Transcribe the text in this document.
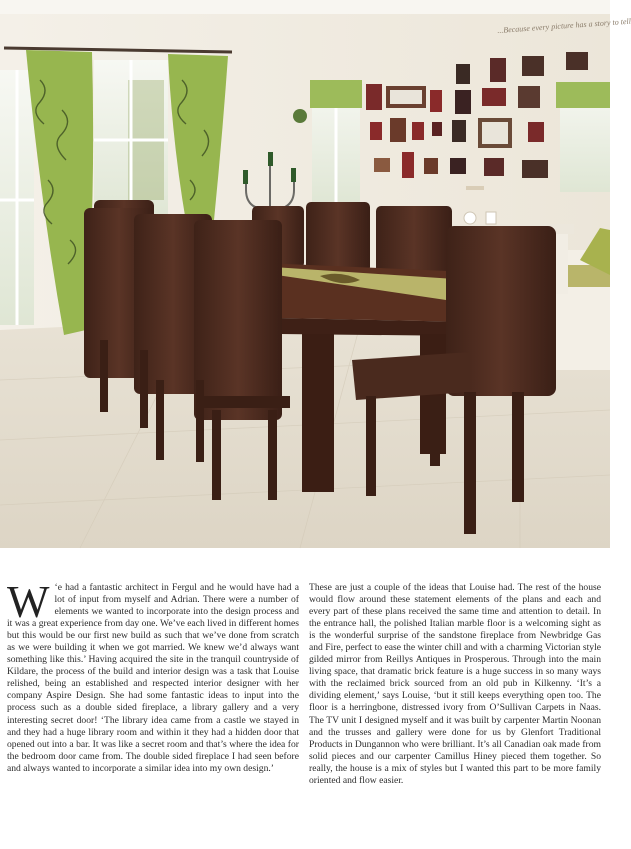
...Because every picture has a story to tell
‘
W e had a fantastic architect in Fergul and he would have had a lot of input from myself and Adrian. There were a number of elements we wanted to incorporate into the design process and it was a great experience from day one. We’ve each lived in different homes but this would be our first new build as such that we’ve done from scratch as we were building it when we got married. We knew we’d always want something like this.’ Having acquired the site in the tranquil countryside of Kildare, the process of the build and interior design was a task that Louise relished, being an established and respected interior designer with her company Aspire Design. She had some fantastic ideas to input into the process such as a double sided fireplace, a library gallery and a very interesting secret door! ‘The library idea came from a castle we stayed in and they had a huge library room and within it they had a hidden door that opened out into a bar. It was like a secret room and that’s where the idea for the bedroom door came from. The double sided fireplace I had seen before and always wanted to incorporate a similar idea into my own design.’
These are just a couple of the ideas that Louise had. The rest of the house would flow around these statement elements of the plans and each and every part of these plans received the same time and attention to detail. In the entrance hall, the polished Italian marble floor is a welcoming sight as is the wonderful surprise of the sandstone fireplace from Newbridge Gas and Fire, perfect to ease the winter chill and with a charming Victorian style gilded mirror from Reillys Antiques in Prosperous. Through into the main living space, that dramatic brick feature is a huge success in so many ways with the reclaimed brick sourced from an old pub in Kilkenny. ‘It’s a dividing element,’ says Louise, ‘but it still keeps everything open too. The floor is a herringbone, distressed ivory from O’Sullivan Carpets in Naas. The TV unit I designed myself and it was built by carpenter Martin Noonan and the trusses and gallery were done for us by Glenfort Traditional Products in Dungannon who were brilliant. It’s all Canadian oak made from solid pieces and our carpenter Camillus Hiney pieced them together. So really, the house is a mix of styles but I wanted this part to be more family oriented and flow easier.
